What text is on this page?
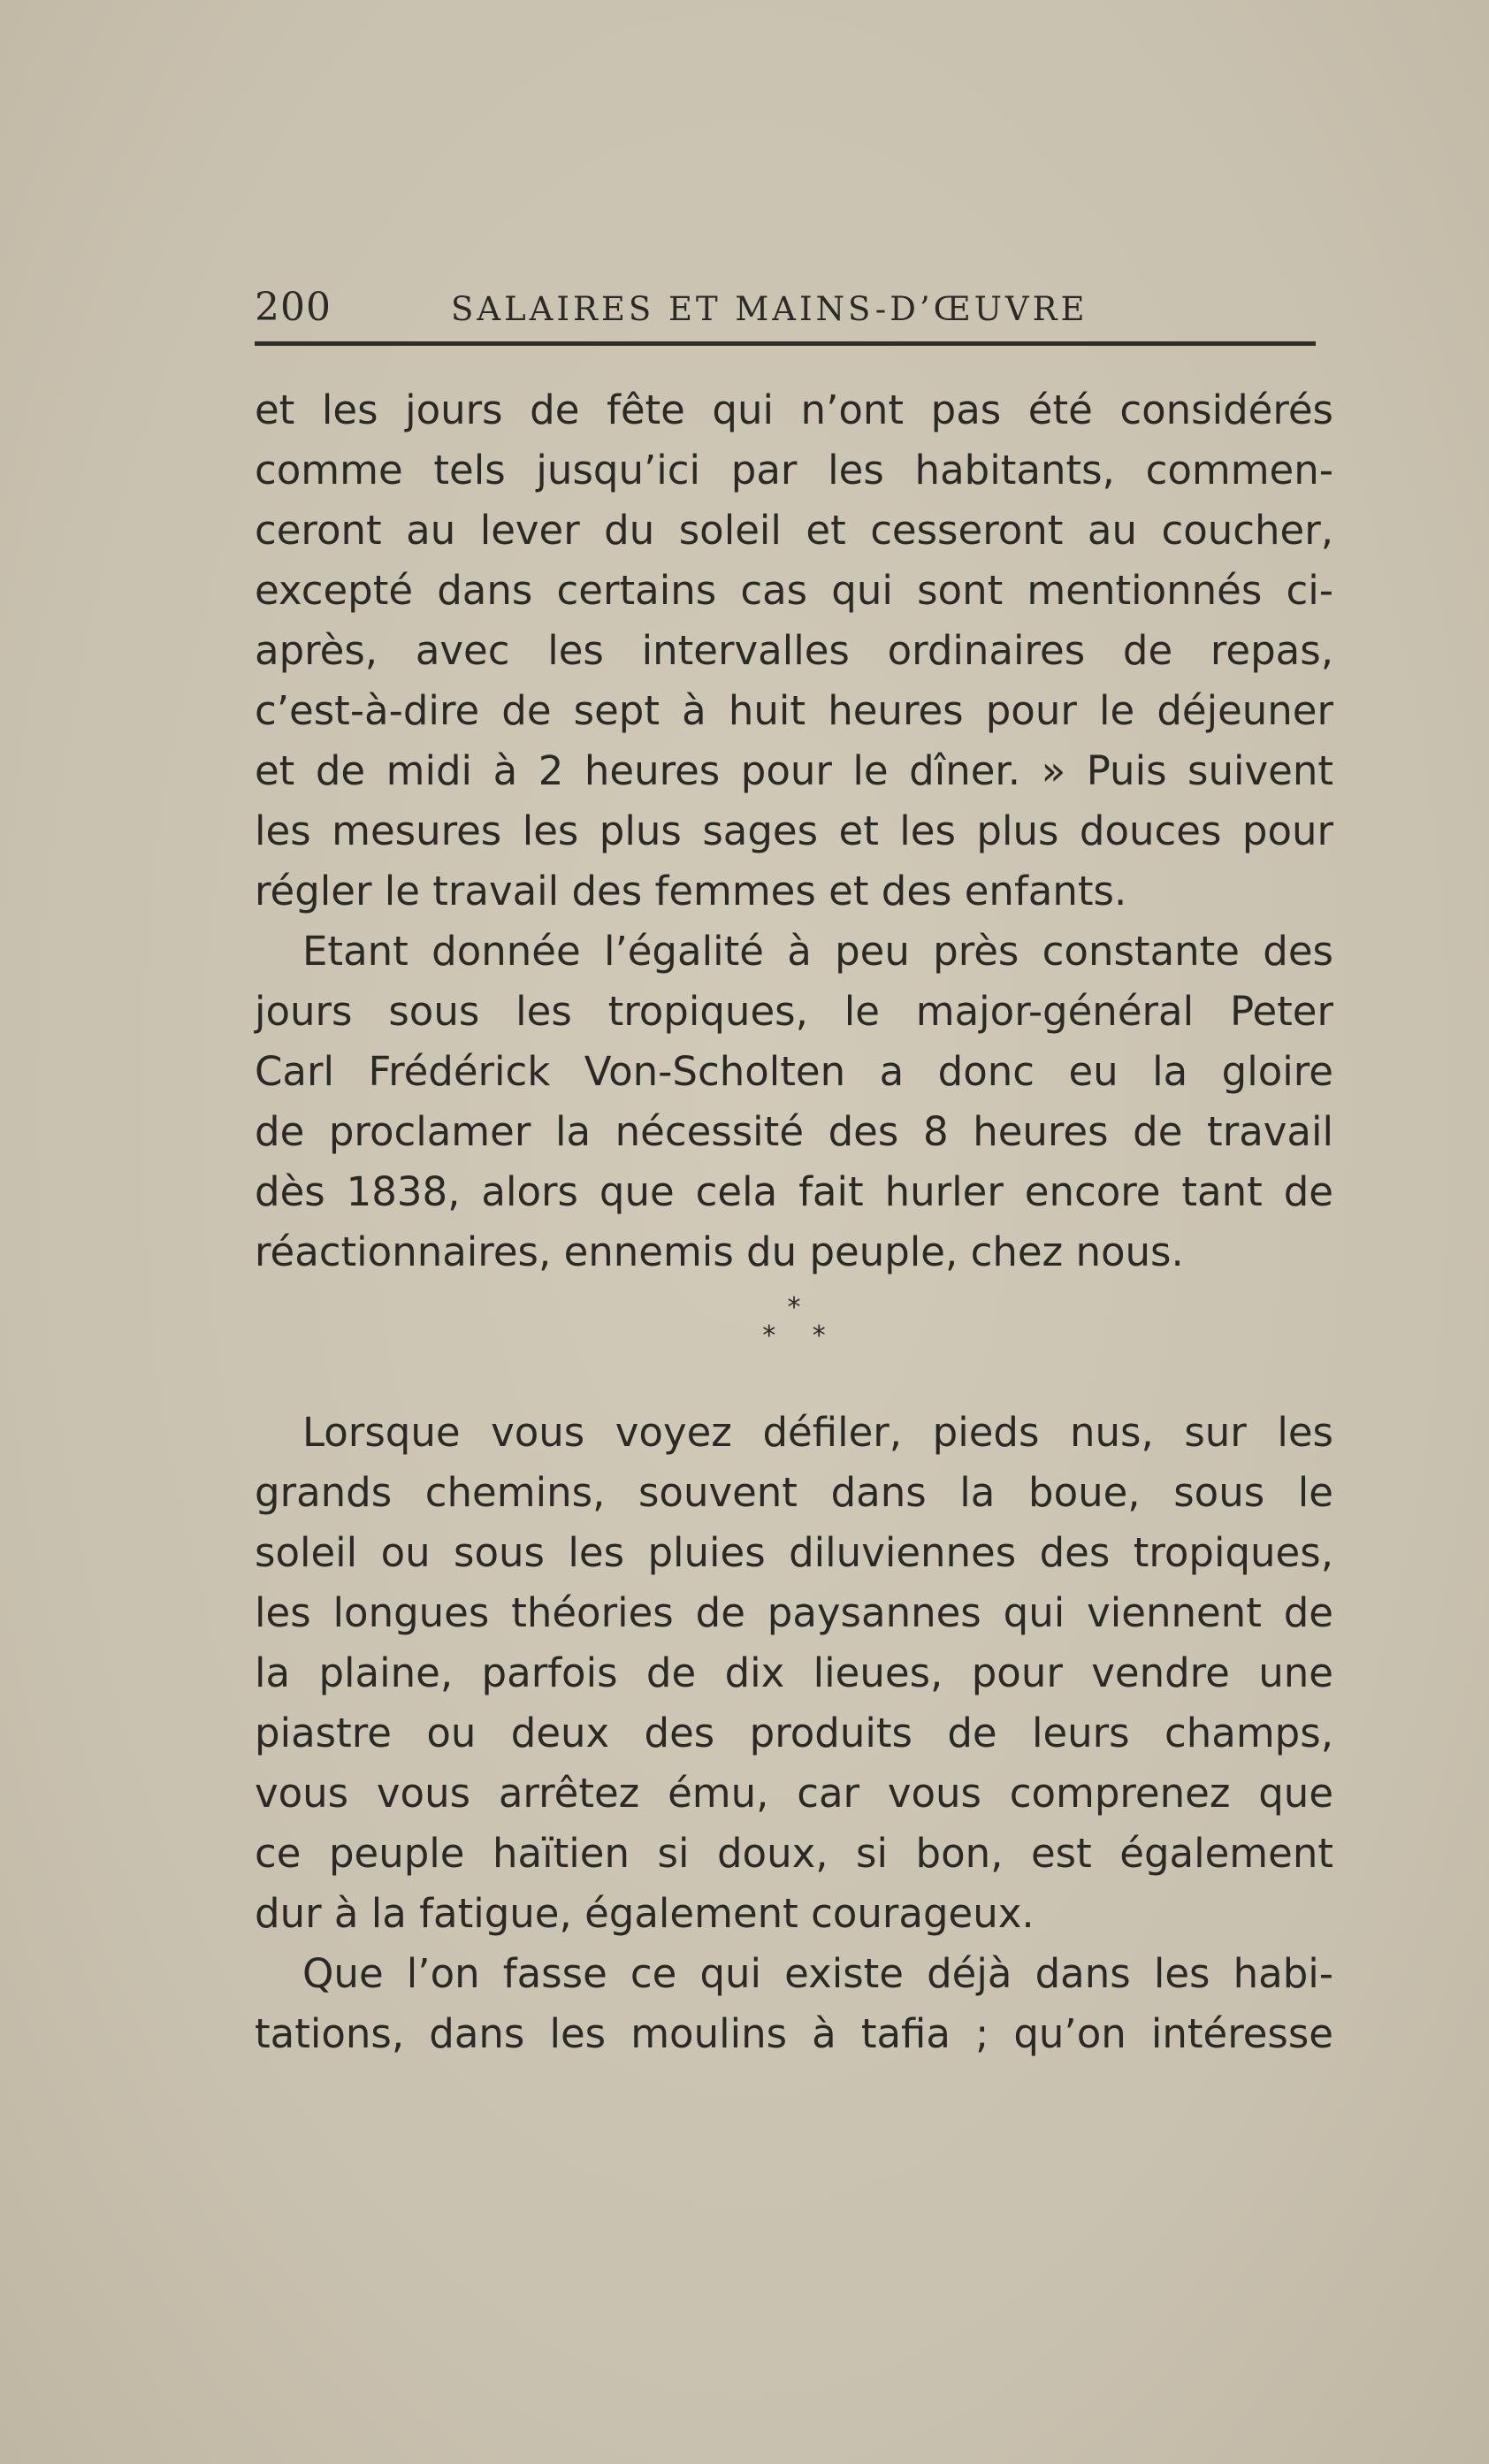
200	SALAIRES ET MAINS-D’ŒUVRE
et les jours de fête qui n’ont pas été considérés
comme tels jusqu’ici par les habitants, commen-
ceront au lever du soleil et cesseront au coucher,
excepté dans certains cas qui sont mentionnés ci-
après, avec les intervalles ordinaires de repas,
c’est-à-dire de sept à huit heures pour le déjeuner
et de midi à 2 heures pour le dîner. » Puis suivent
les mesures les plus sages et les plus douces pour
régler le travail des femmes et des enfants.
Etant donnée l’égalité à peu près constante des
jours sous les tropiques, le major-général Peter
Carl Frédérick Von-Scholten a donc eu la gloire
de proclamer la nécessité des 8 heures de travail
dès 1838, alors que cela fait hurler encore tant de
réactionnaires, ennemis du peuple, chez nous.
*
* *
Lorsque vous voyez défiler, pieds nus, sur les
grands chemins, souvent dans la boue, sous le
soleil ou sous les pluies diluviennes des tropiques,
les longues théories de paysannes qui viennent de
la plaine, parfois de dix lieues, pour vendre une
piastre ou deux des produits de leurs champs,
vous vous arrêtez ému, car vous comprenez que
ce peuple haïtien si doux, si bon, est également
dur à la fatigue, également courageux.
Que l’on fasse ce qui existe déjà dans les habi-
tations, dans les moulins à tafia ; qu’on intéresse
